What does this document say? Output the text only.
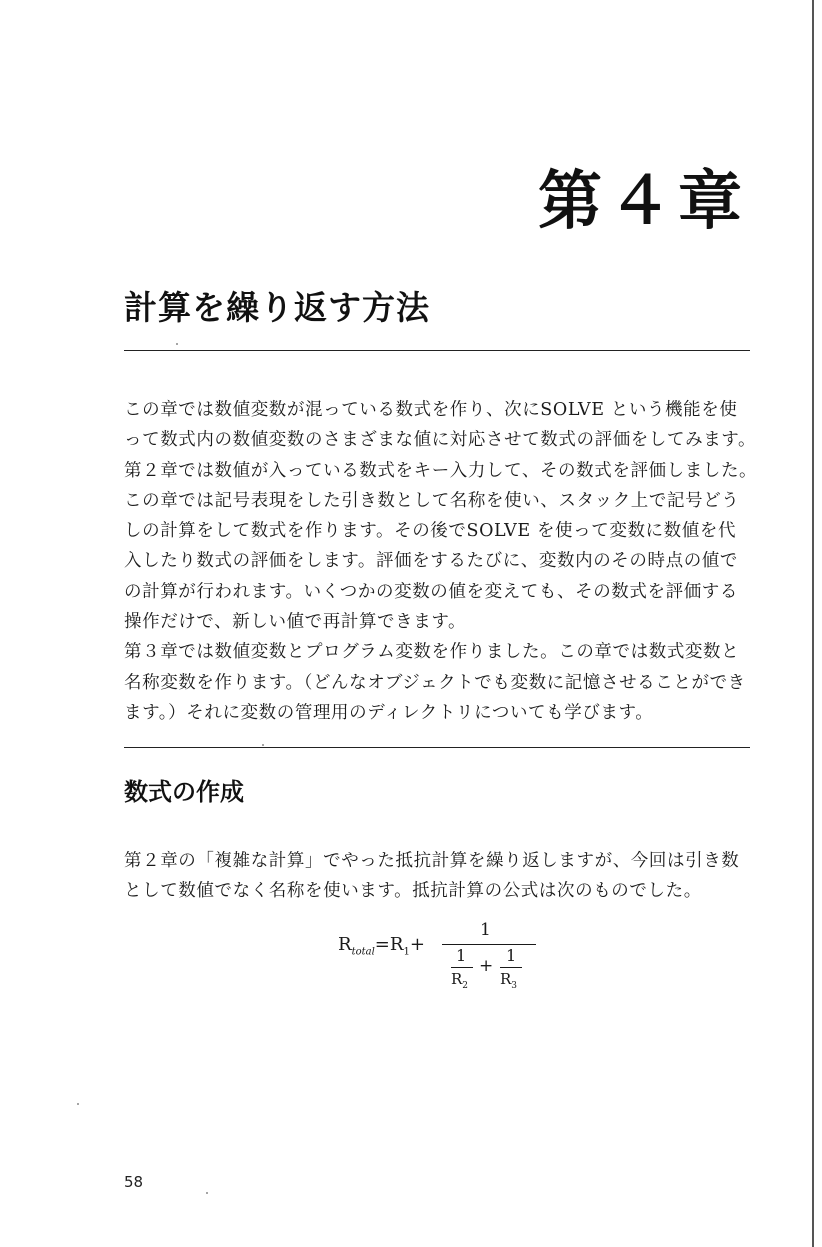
第４章
計算を繰り返す方法

この章では数値変数が混っている数式を作り、次にSOLVE という機能を使

って数式内の数値変数のさまざまな値に対応させて数式の評価をしてみます。

第２章では数値が入っている数式をキー入力して、その数式を評価しました。

この章では記号表現をした引き数として名称を使い、スタック上で記号どう

しの計算をして数式を作ります。その後でSOLVE を使って変数に数値を代

入したり数式の評価をします。評価をするたびに、変数内のその時点の値で

の計算が行われます。いくつかの変数の値を変えても、その数式を評価する

操作だけで、新しい値で再計算できます。

第３章では数値変数とプログラム変数を作りました。この章では数式変数と

名称変数を作ります。（どんなオブジェクトでも変数に記憶させることができ

ます。）それに変数の管理用のディレクトリについても学びます。

数式の作成

第２章の「複雑な計算」でやった抵抗計算を繰り返しますが、今回は引き数

として数値でなく名称を使います。抵抗計算の公式は次のものでした。

$R_{total}=R_1+$
1
1
$R_2$
+
1
$R_3$
58
